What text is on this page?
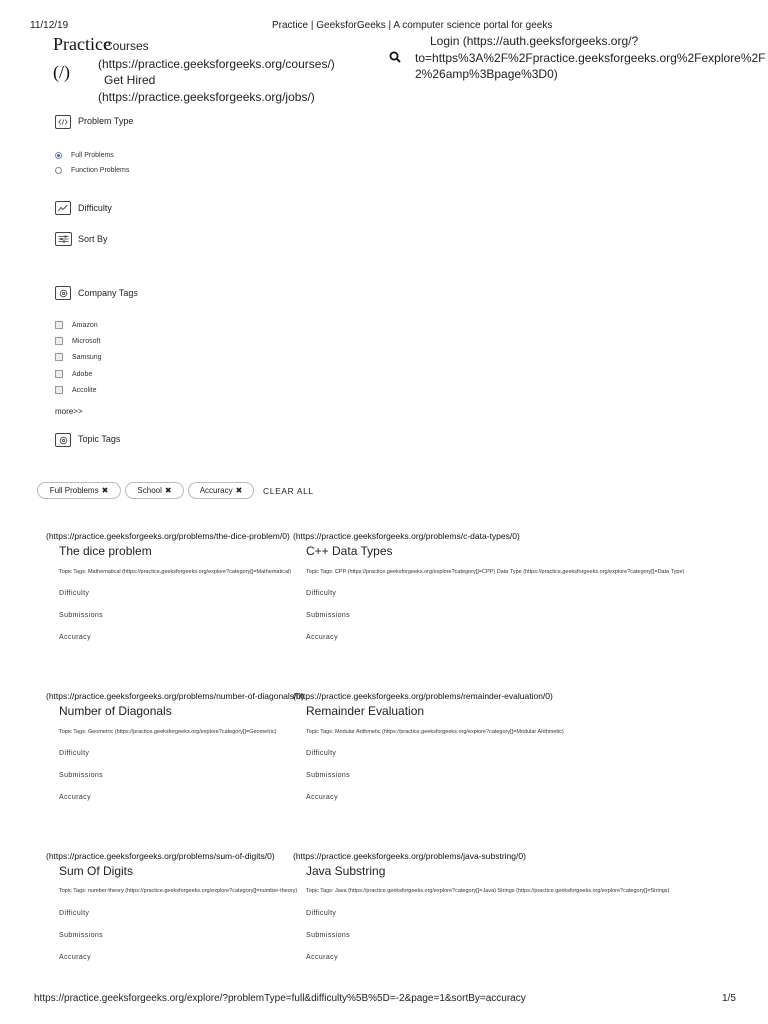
11/12/19	Practice | GeeksforGeeks | A computer science portal for geeks
Practice
(/)
Courses
(https://practice.geeksforgeeks.org/courses/)
Get Hired
(https://practice.geeksforgeeks.org/jobs/)
Login (https://auth.geeksforgeeks.org/?
to=https%3A%2F%2Fpractice.geeksforgeeks.org%2Fexplore%2F
2%26amp%3Bpage%3D0)
Problem Type
Full Problems
Function Problems
Difficulty
Sort By
Company Tags
Amazon
Microsoft
Samsung
Adobe
Accolite
more>>
Topic Tags
Full Problems ✖	School ✖	Accuracy ✖ CLEAR ALL
(https://practice.geeksforgeeks.org/problems/the-dice-problem/0) (https://practice.geeksforgeeks.org/problems/c-data-types/0)
The dice problem	C++ Data Types
Topic Tags: Mathematical (https://practice.geeksforgeeks.org/explore?category[]=Mathematical)	Topic Tags: CPP (https://practice.geeksforgeeks.org/explore?category[]=CPP) Data Type (https://practice.geeksforgeeks.org/explore?category[]=Data Type)
Difficulty	Difficulty
Submissions	Submissions
Accuracy	Accuracy
(https://practice.geeksforgeeks.org/problems/number-of-diagonals/0)
(https://practice.geeksforgeeks.org/problems/remainder-evaluation/0)
Number of Diagonals	Remainder Evaluation
Topic Tags: Geometric (https://practice.geeksforgeeks.org/explore?category[]=Geometric)	Topic Tags: Modular Arithmetic (https://practice.geeksforgeeks.org/explore?category[]=Modular Arithmetic)
Difficulty	Difficulty
Submissions	Submissions
Accuracy	Accuracy
(https://practice.geeksforgeeks.org/problems/sum-of-digits/0) (https://practice.geeksforgeeks.org/problems/java-substring/0)
Sum Of Digits	Java Substring
Topic Tags: number-theory (https://practice.geeksforgeeks.org/explore?category[]=number-theory)	Topic Tags: Java (https://practice.geeksforgeeks.org/explore?category[]=Java) Strings (https://practice.geeksforgeeks.org/explore?category[]=Strings)
Difficulty	Difficulty
Submissions	Submissions
Accuracy	Accuracy
https://practice.geeksforgeeks.org/explore/?problemType=full&difficulty%5B%5D=-2&page=1&sortBy=accuracy	1/5
